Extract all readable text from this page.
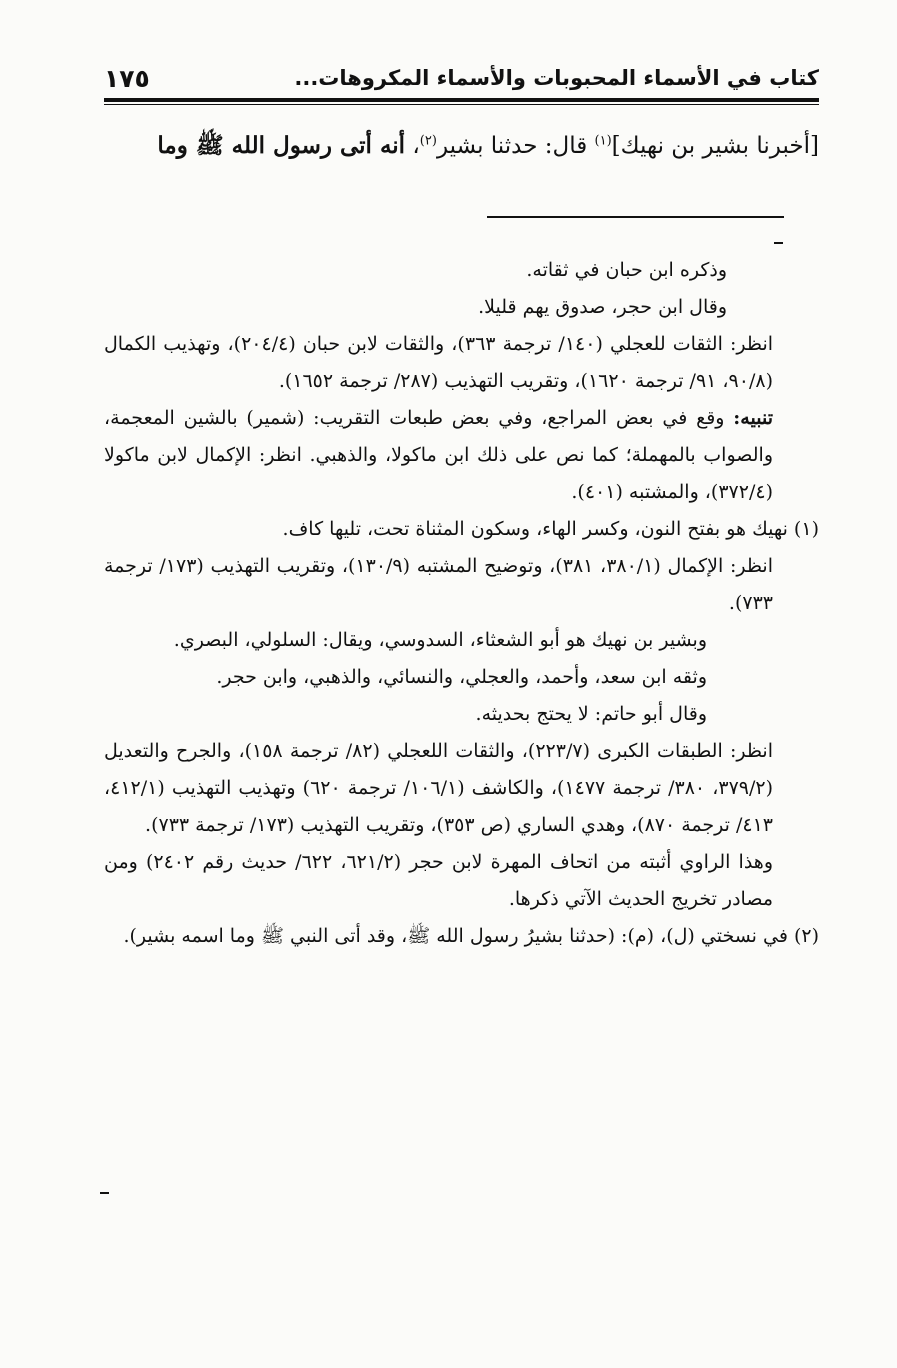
كتاب في الأسماء المحبوبات والأسماء المكروهات...
١٧٥
[أخبرنا بشير بن نهيك]$^{(١)}$ قال: حدثنا بشير$^{(٢)}$، أنه أتى رسول الله ﷺ وما

وذكره ابن حبان في ثقاته.

وقال ابن حجر، صدوق يهم قليلا.

انظر: الثقات للعجلي (١٤٠/ ترجمة ٣٦٣)، والثقات لابن حبان (٢٠٤/٤)، وتهذيب الكمال (٩٠/٨، ٩١/ ترجمة ١٦٢٠)، وتقريب التهذيب (٢٨٧/ ترجمة ١٦٥٢).

تنبيه: وقع في بعض المراجع، وفي بعض طبعات التقريب: (شمير) بالشين المعجمة، والصواب بالمهملة؛ كما نص على ذلك ابن ماكولا، والذهبي. انظر: الإكمال لابن ماكولا (٣٧٢/٤)، والمشتبه (٤٠١).

(١) نهيك هو بفتح النون، وكسر الهاء، وسكون المثناة تحت، تليها كاف.

انظر: الإكمال (٣٨٠/١، ٣٨١)، وتوضيح المشتبه (١٣٠/٩)، وتقريب التهذيب (١٧٣/ ترجمة ٧٣٣).

وبشير بن نهيك هو أبو الشعثاء، السدوسي، ويقال: السلولي، البصري.

وثقه ابن سعد، وأحمد، والعجلي، والنسائي، والذهبي، وابن حجر.

وقال أبو حاتم: لا يحتج بحديثه.

انظر: الطبقات الكبرى (٢٢٣/٧)، والثقات اللعجلي (٨٢/ ترجمة ١٥٨)، والجرح والتعديل (٣٧٩/٢، ٣٨٠/ ترجمة ١٤٧٧)، والكاشف (١٠٦/١/ ترجمة ٦٢٠) وتهذيب التهذيب (٤١٢/١، ٤١٣/ ترجمة ٨٧٠)، وهدي الساري (ص ٣٥٣)، وتقريب التهذيب (١٧٣/ ترجمة ٧٣٣).

وهذا الراوي أثبته من اتحاف المهرة لابن حجر (٦٢١/٢، ٦٢٢/ حديث رقم ٢٤٠٢) ومن مصادر تخريج الحديث الآتي ذكرها.

(٢) في نسختي (ل)، (م): (حدثنا بشيرُ رسول الله ﷺ، وقد أتى النبي ﷺ وما اسمه بشير).
